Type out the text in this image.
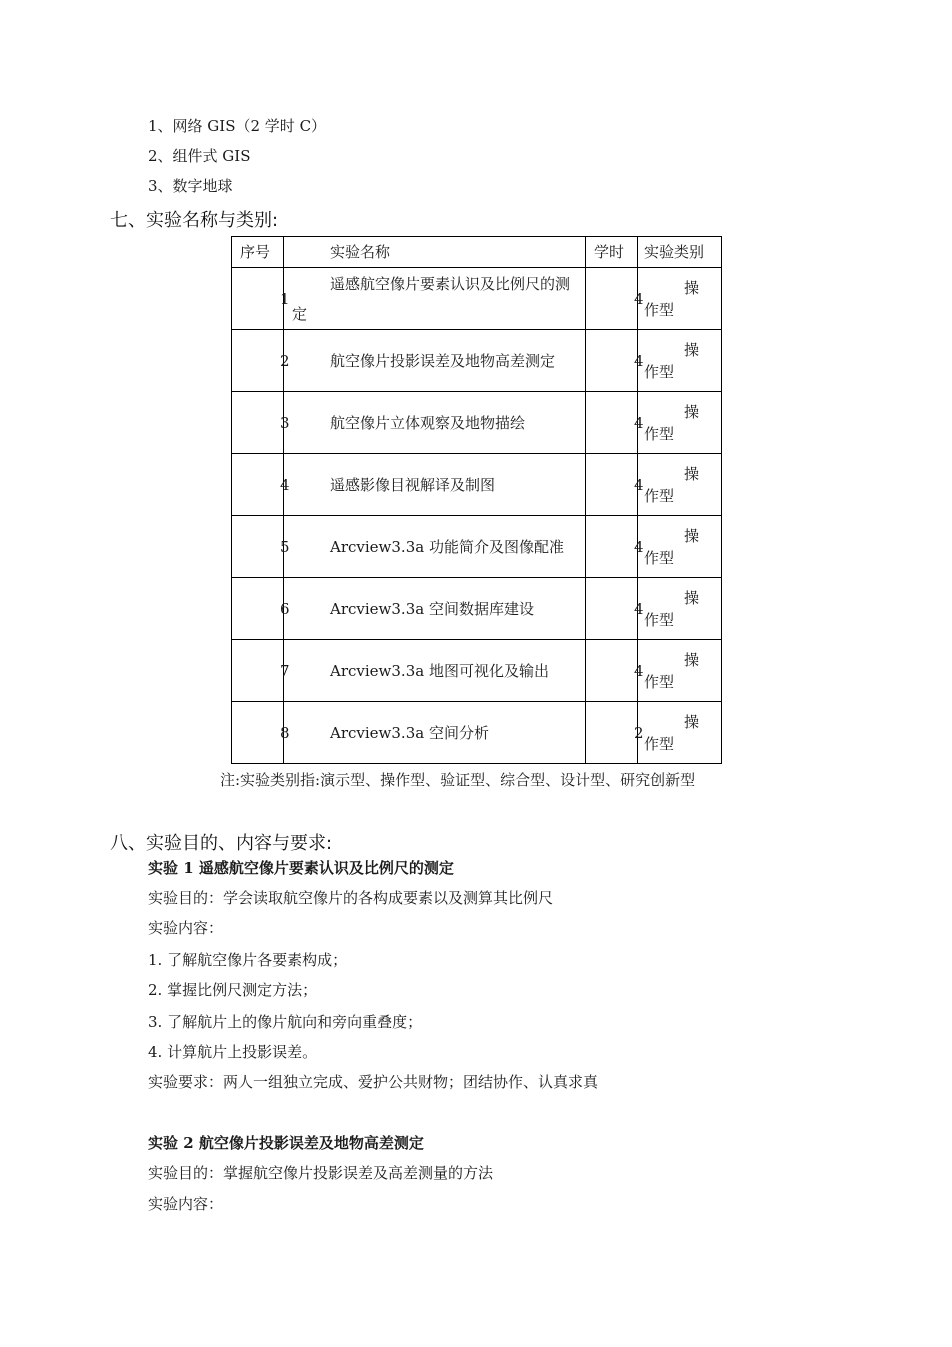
1、网络 GIS（2 学时 C）
2、组件式 GIS
3、数字地球
七、实验名称与类别:
序号	实验名称	学时	实验类别

1	遥感航空像片要素认识及比例尺的测定	4	操
作型

2	航空像片投影误差及地物高差测定	4	操
作型

3	航空像片立体观察及地物描绘	4	操
作型

4	遥感影像目视解译及制图	4	操
作型

5	Arcview3.3a 功能简介及图像配准	4	操
作型

6	Arcview3.3a 空间数据库建设	4	操
作型

7	Arcview3.3a 地图可视化及输出	4	操
作型

8	Arcview3.3a 空间分析	2	操
作型
注:实验类别指:演示型、操作型、验证型、综合型、设计型、研究创新型
八、实验目的、内容与要求:
实验 1 遥感航空像片要素认识及比例尺的测定
实验目的：学会读取航空像片的各构成要素以及测算其比例尺
实验内容：
1. 了解航空像片各要素构成；
2. 掌握比例尺测定方法；
3. 了解航片上的像片航向和旁向重叠度；
4. 计算航片上投影误差。
实验要求：两人一组独立完成、爱护公共财物；团结协作、认真求真
实验 2 航空像片投影误差及地物高差测定
实验目的：掌握航空像片投影误差及高差测量的方法
实验内容：
